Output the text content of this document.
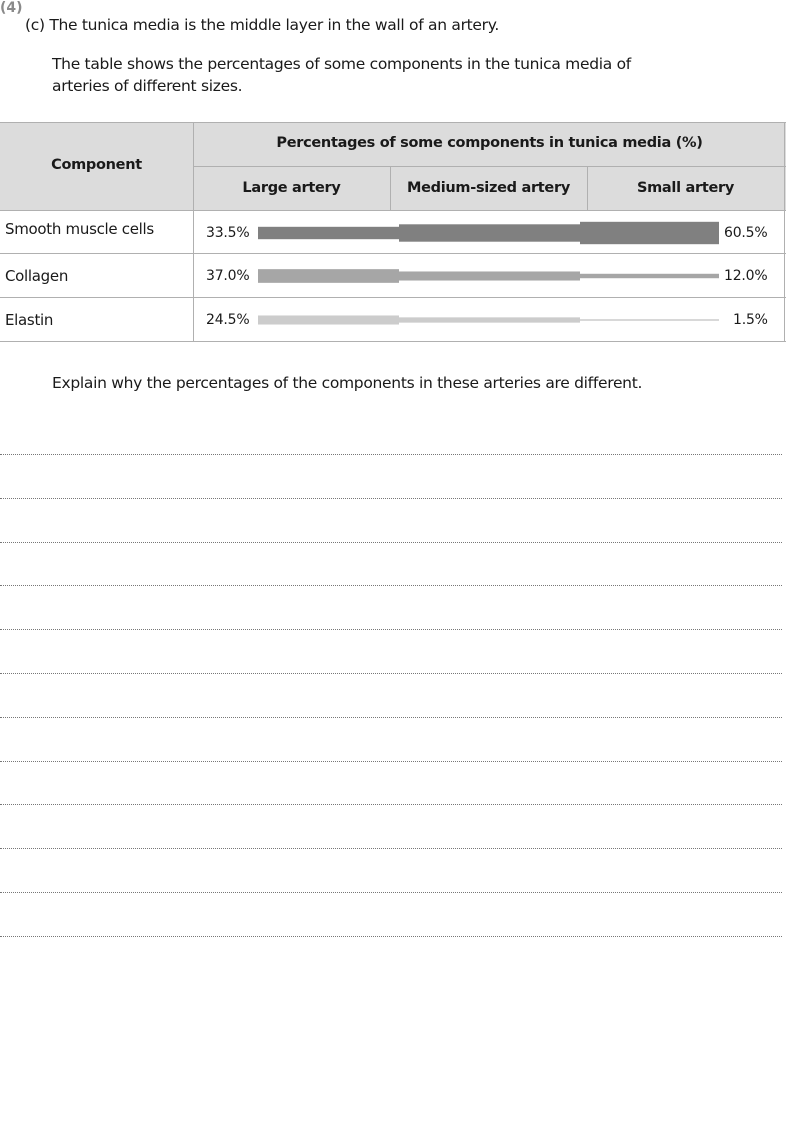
(c) The tunica media is the middle layer in the wall of an artery.
The table shows the percentages of some components in the tunica media of
arteries of different sizes.
Component
Percentages of some components in tunica media (%)
Large artery	Medium-sized artery	Small artery
Smooth muscle cells
Collagen
Elastin
33.5%
37.0%
24.5%
60.5%
12.0%
1.5%
Explain why the percentages of the components in these arteries are different.
(4)
